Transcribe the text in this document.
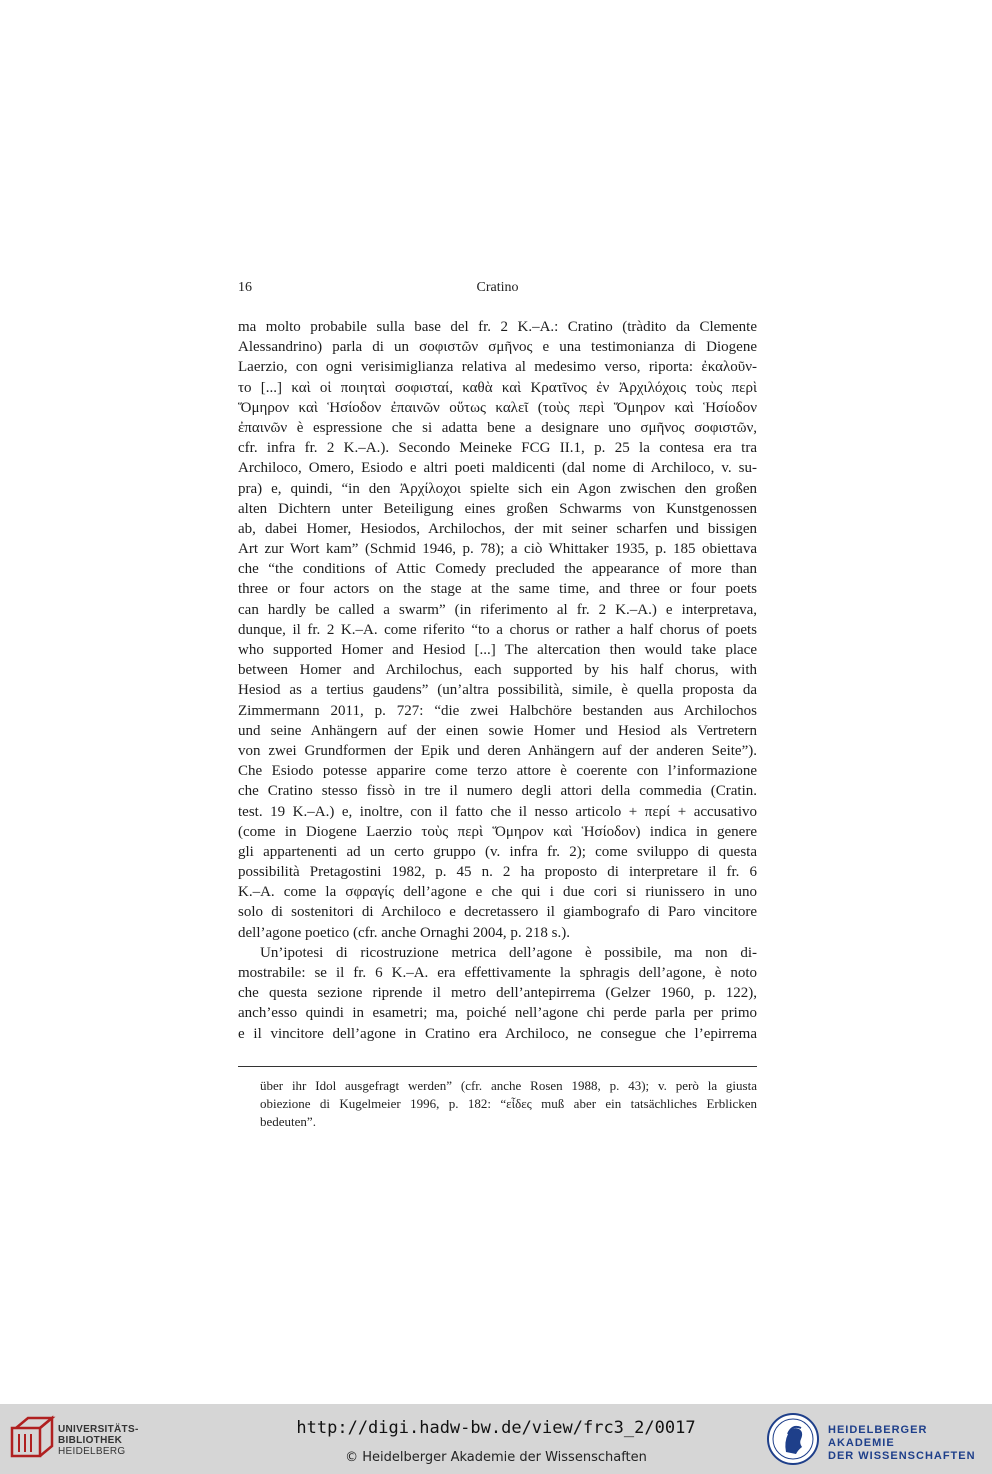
16	Cratino
ma molto probabile sulla base del fr. 2 K.–A.: Cratino (tràdito da Clemente
Alessandrino) parla di un σοφιστῶν σμῆνος e una testimonianza di Diogene
Laerzio, con ogni verisimiglianza relativa al medesimo verso, riporta: ἐκαλοῦν-
το [...] καὶ οἱ ποιηταὶ σοφισταί, καθὰ καὶ Κρατῖνος ἐν Ἀρχιλόχοις τοὺς περὶ
Ὅμηρον καὶ Ἡσίοδον ἐπαινῶν οὕτως καλεῖ (τοὺς περὶ Ὅμηρον καὶ Ἡσίοδον
ἐπαινῶν è espressione che si adatta bene a designare uno σμῆνος σοφιστῶν,
cfr. infra fr. 2 K.–A.). Secondo Meineke FCG II.1, p. 25 la contesa era tra
Archiloco, Omero, Esiodo e altri poeti maldicenti (dal nome di Archiloco, v. su-
pra) e, quindi, “in den Ἀρχίλοχοι spielte sich ein Agon zwischen den großen
alten Dichtern unter Beteiligung eines großen Schwarms von Kunstgenossen
ab, dabei Homer, Hesiodos, Archilochos, der mit seiner scharfen und bissigen
Art zur Wort kam” (Schmid 1946, p. 78); a ciò Whittaker 1935, p. 185 obiettava
che “the conditions of Attic Comedy precluded the appearance of more than
three or four actors on the stage at the same time, and three or four poets
can hardly be called a swarm” (in riferimento al fr. 2 K.–A.) e interpretava,
dunque, il fr. 2 K.–A. come riferito “to a chorus or rather a half chorus of poets
who supported Homer and Hesiod [...] The altercation then would take place
between Homer and Archilochus, each supported by his half chorus, with
Hesiod as a tertius gaudens” (un’altra possibilità, simile, è quella proposta da
Zimmermann 2011, p. 727: “die zwei Halbchöre bestanden aus Archilochos
und seine Anhängern auf der einen sowie Homer und Hesiod als Vertretern
von zwei Grundformen der Epik und deren Anhängern auf der anderen Seite”).
Che Esiodo potesse apparire come terzo attore è coerente con l’informazione
che Cratino stesso fissò in tre il numero degli attori della commedia (Cratin.
test. 19 K.–A.) e, inoltre, con il fatto che il nesso articolo + περί + accusativo
(come in Diogene Laerzio τοὺς περὶ Ὅμηρον καὶ Ἡσίοδον) indica in genere
gli appartenenti ad un certo gruppo (v. infra fr. 2); come sviluppo di questa
possibilità Pretagostini 1982, p. 45 n. 2 ha proposto di interpretare il fr. 6
K.–A. come la σφραγίς dell’agone e che qui i due cori si riunissero in uno
solo di sostenitori di Archiloco e decretassero il giambografo di Paro vincitore
dell’agone poetico (cfr. anche Ornaghi 2004, p. 218 s.).
Un’ipotesi di ricostruzione metrica dell’agone è possibile, ma non di-
mostrabile: se il fr. 6 K.–A. era effettivamente la sphragis dell’agone, è noto
che questa sezione riprende il metro dell’antepirrema (Gelzer 1960, p. 122),
anch’esso quindi in esametri; ma, poiché nell’agone chi perde parla per primo
e il vincitore dell’agone in Cratino era Archiloco, ne consegue che l’epirrema
über ihr Idol ausgefragt werden” (cfr. anche Rosen 1988, p. 43); v. però la giusta
obiezione di Kugelmeier 1996, p. 182: “εἶδες muß aber ein tatsächliches Erblicken
bedeuten”.
UNIVERSITÄTS-
BIBLIOTHEK
HEIDELBERG
http://digi.hadw-bw.de/view/frc3_2/0017
© Heidelberger Akademie der Wissenschaften
HEIDELBERGER AKADEMIE
DER WISSENSCHAFTEN
